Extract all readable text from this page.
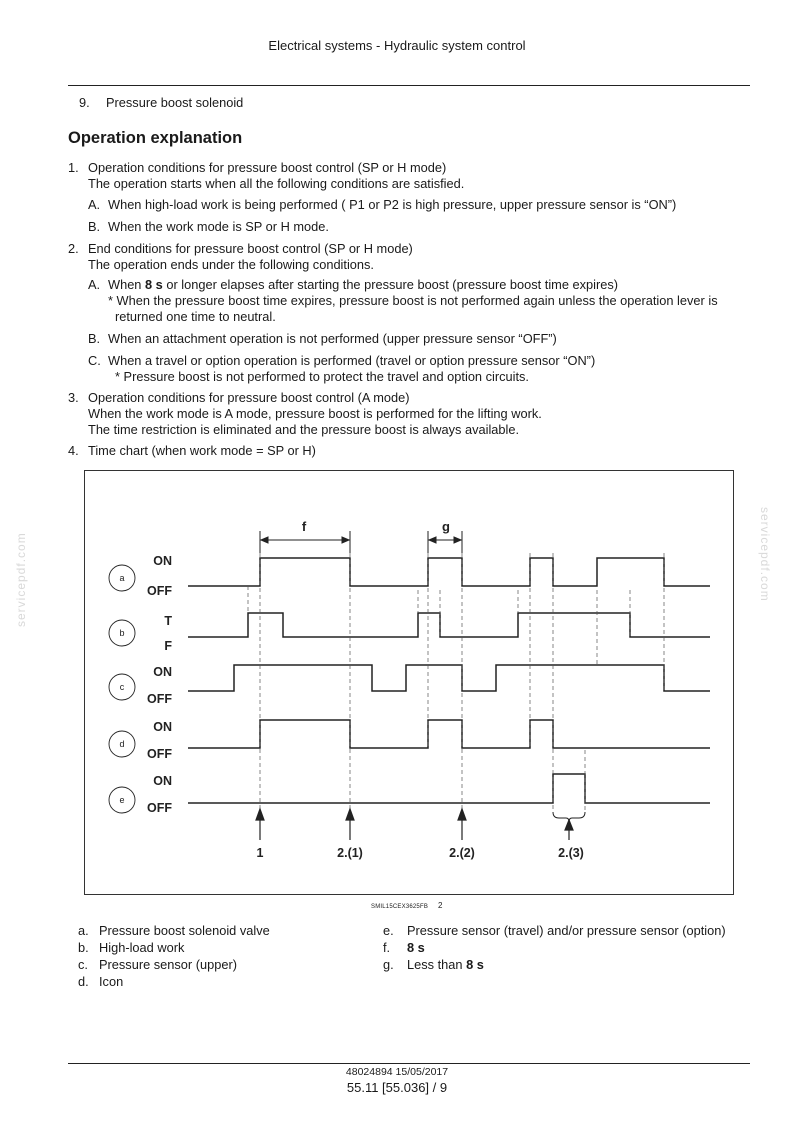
Electrical systems - Hydraulic system control
9. Pressure boost solenoid
Operation explanation
1. Operation conditions for pressure boost control (SP or H mode)
The operation starts when all the following conditions are satisfied.
A. When high-load work is being performed ( P1 or P2 is high pressure, upper pressure sensor is “ON”)
B. When the work mode is SP or H mode.
2. End conditions for pressure boost control (SP or H mode)
The operation ends under the following conditions.
A. When 8 s or longer elapses after starting the pressure boost (pressure boost time expires)
* When the pressure boost time expires, pressure boost is not performed again unless the operation lever is
returned one time to neutral.
B. When an attachment operation is not performed (upper pressure sensor “OFF”)
C. When a travel or option operation is performed (travel or option pressure sensor “ON”)
* Pressure boost is not performed to protect the travel and option circuits.
3. Operation conditions for pressure boost control (A mode)
When the work mode is A mode, pressure boost is performed for the lifting work.
The time restriction is eliminated and the pressure boost is always available.
4. Time chart (when work mode = SP or H)
servicepdf.com	servicepdf.com
f	g
a
b
c
d
e
ON
OFF
T
F
ON
OFF
ON
OFF
ON
OFF
1	2.(1)	2.(2)	2.(3)
SMIL15CEX3625FB 2
a. Pressure boost solenoid valve
b. High-load work
c. Pressure sensor (upper)
d. Icon
e. Pressure sensor (travel) and/or pressure sensor (option)
f. 8 s
g. Less than 8 s
48024894 15/05/2017
55.11 [55.036] / 9
